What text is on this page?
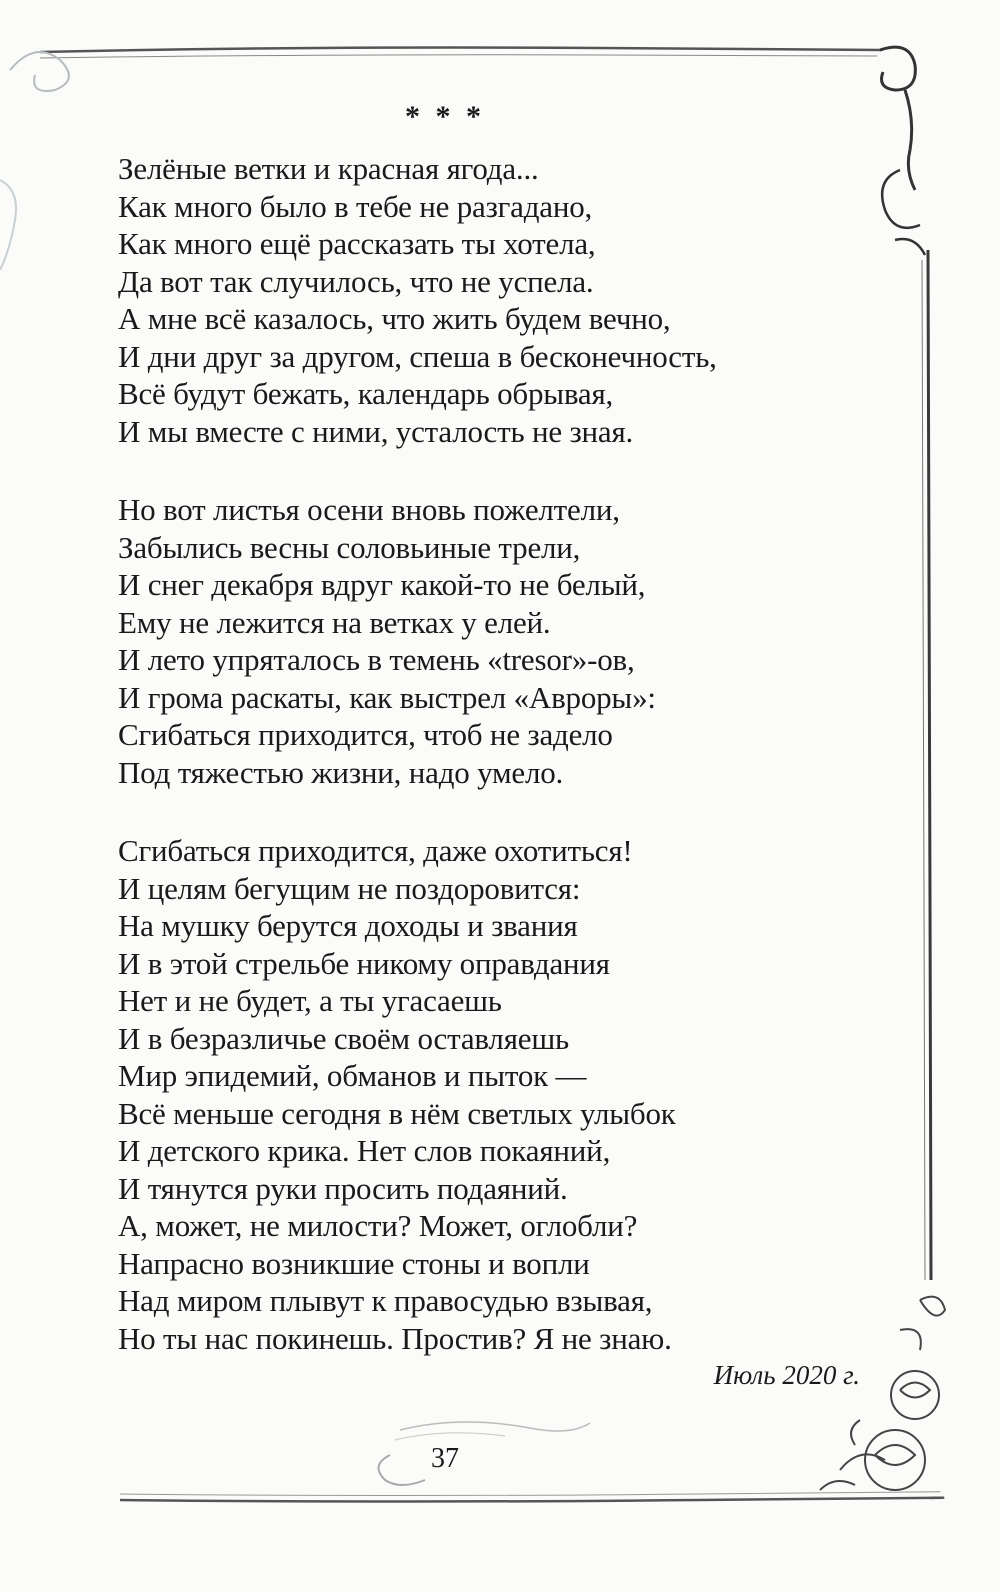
* * *
Зелёные ветки и красная ягода...
Как много было в тебе не разгадано,
Как много ещё рассказать ты хотела,
Да вот так случилось, что не успела.
А мне всё казалось, что жить будем вечно,
И дни друг за другом, спеша в бесконечность,
Всё будут бежать, календарь обрывая,
И мы вместе с ними, усталость не зная.
Но вот листья осени вновь пожелтели,
Забылись весны соловьиные трели,
И снег декабря вдруг какой-то не белый,
Ему не лежится на ветках у елей.
И лето упряталось в темень «tresor»-ов,
И грома раскаты, как выстрел «Авроры»:
Сгибаться приходится, чтоб не задело
Под тяжестью жизни, надо умело.
Сгибаться приходится, даже охотиться!
И целям бегущим не поздоровится:
На мушку берутся доходы и звания
И в этой стрельбе никому оправдания
Нет и не будет, а ты угасаешь
И в безразличье своём оставляешь
Мир эпидемий, обманов и пыток —
Всё меньше сегодня в нём светлых улыбок
И детского крика. Нет слов покаяний,
И тянутся руки просить подаяний.
А, может, не милости? Может, оглобли?
Напрасно возникшие стоны и вопли
Над миром плывут к правосудью взывая,
Но ты нас покинешь. Простив? Я не знаю.
Июль 2020 г.
37
